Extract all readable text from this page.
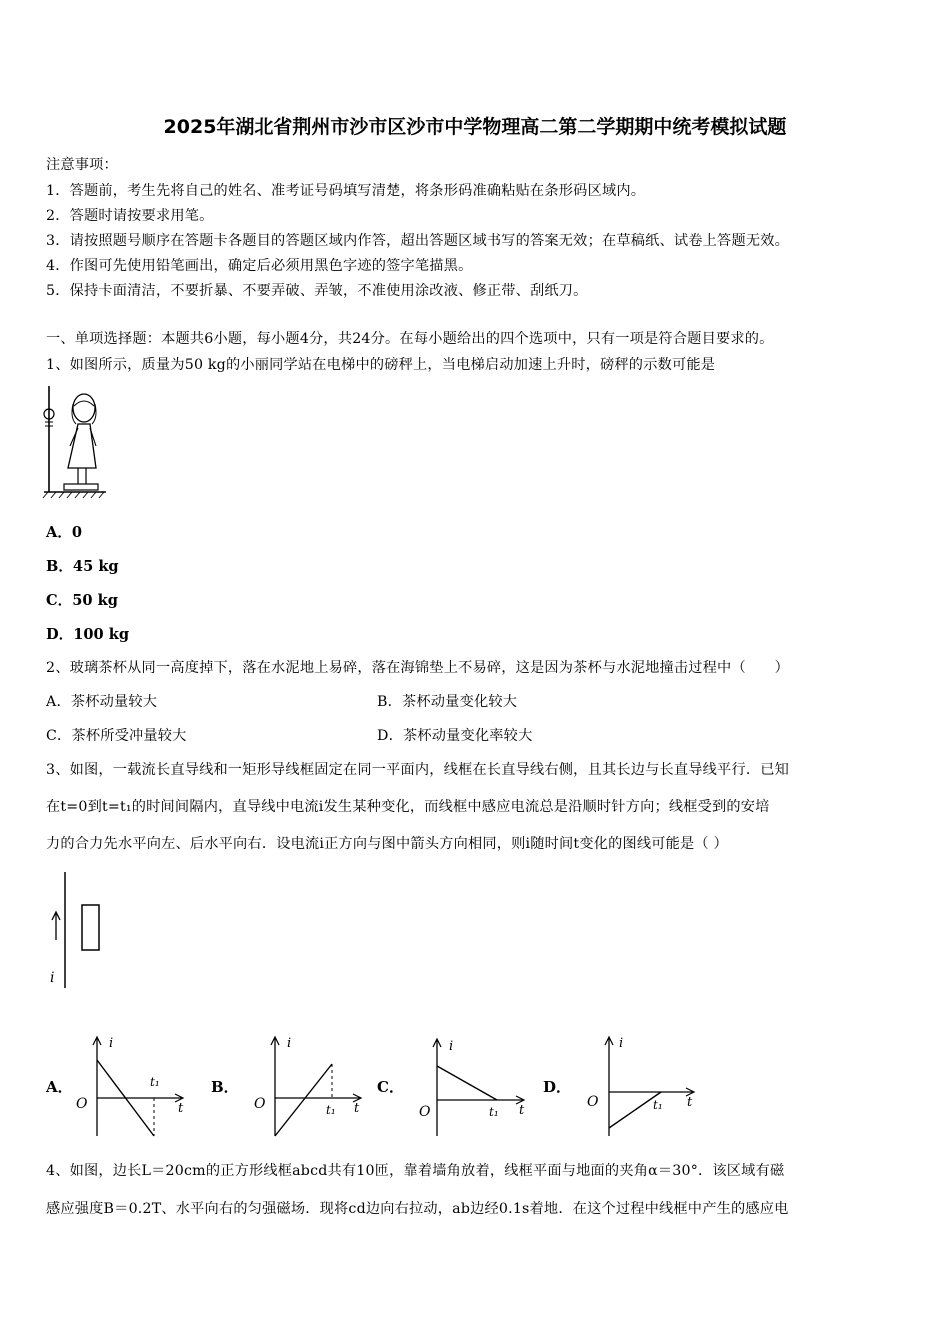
2025年湖北省荆州市沙市区沙市中学物理高二第二学期期中统考模拟试题
注意事项：
1．答题前，考生先将自己的姓名、准考证号码填写清楚，将条形码准确粘贴在条形码区域内。
2．答题时请按要求用笔。
3．请按照题号顺序在答题卡各题目的答题区域内作答，超出答题区域书写的答案无效；在草稿纸、试卷上答题无效。
4．作图可先使用铅笔画出，确定后必须用黑色字迹的签字笔描黑。
5．保持卡面清洁，不要折暴、不要弄破、弄皱，不准使用涂改液、修正带、刮纸刀。
一、单项选择题：本题共6小题，每小题4分，共24分。在每小题给出的四个选项中，只有一项是符合题目要求的。
1、如图所示，质量为50 kg的小丽同学站在电梯中的磅秤上，当电梯启动加速上升时，磅秤的示数可能是
A．0
B．45 kg
C．50 kg
D．100 kg
2、玻璃茶杯从同一高度掉下，落在水泥地上易碎，落在海锦垫上不易碎，这是因为茶杯与水泥地撞击过程中（　　）
A．茶杯动量较大	B．茶杯动量变化较大
C．茶杯所受冲量较大	D．茶杯动量变化率较大
3、如图，一载流长直导线和一矩形导线框固定在同一平面内，线框在长直导线右侧，且其长边与长直导线平行．已知
在t=0到t=t₁的时间间隔内，直导线中电流i发生某种变化，而线框中感应电流总是沿顺时针方向；线框受到的安培
力的合力先水平向左、后水平向右．设电流i正方向与图中箭头方向相同，则i随时间t变化的图线可能是（ ）
i
A．	B．	C．	D．
i
O	t
t₁
i
O	t
t₁
i
O	t
t₁
i
O	t
t₁
4、如图，边长L＝20cm的正方形线框abcd共有10匝，靠着墙角放着，线框平面与地面的夹角α＝30°．该区域有磁
感应强度B＝0.2T、水平向右的匀强磁场．现将cd边向右拉动，ab边经0.1s着地．在这个过程中线框中产生的感应电
